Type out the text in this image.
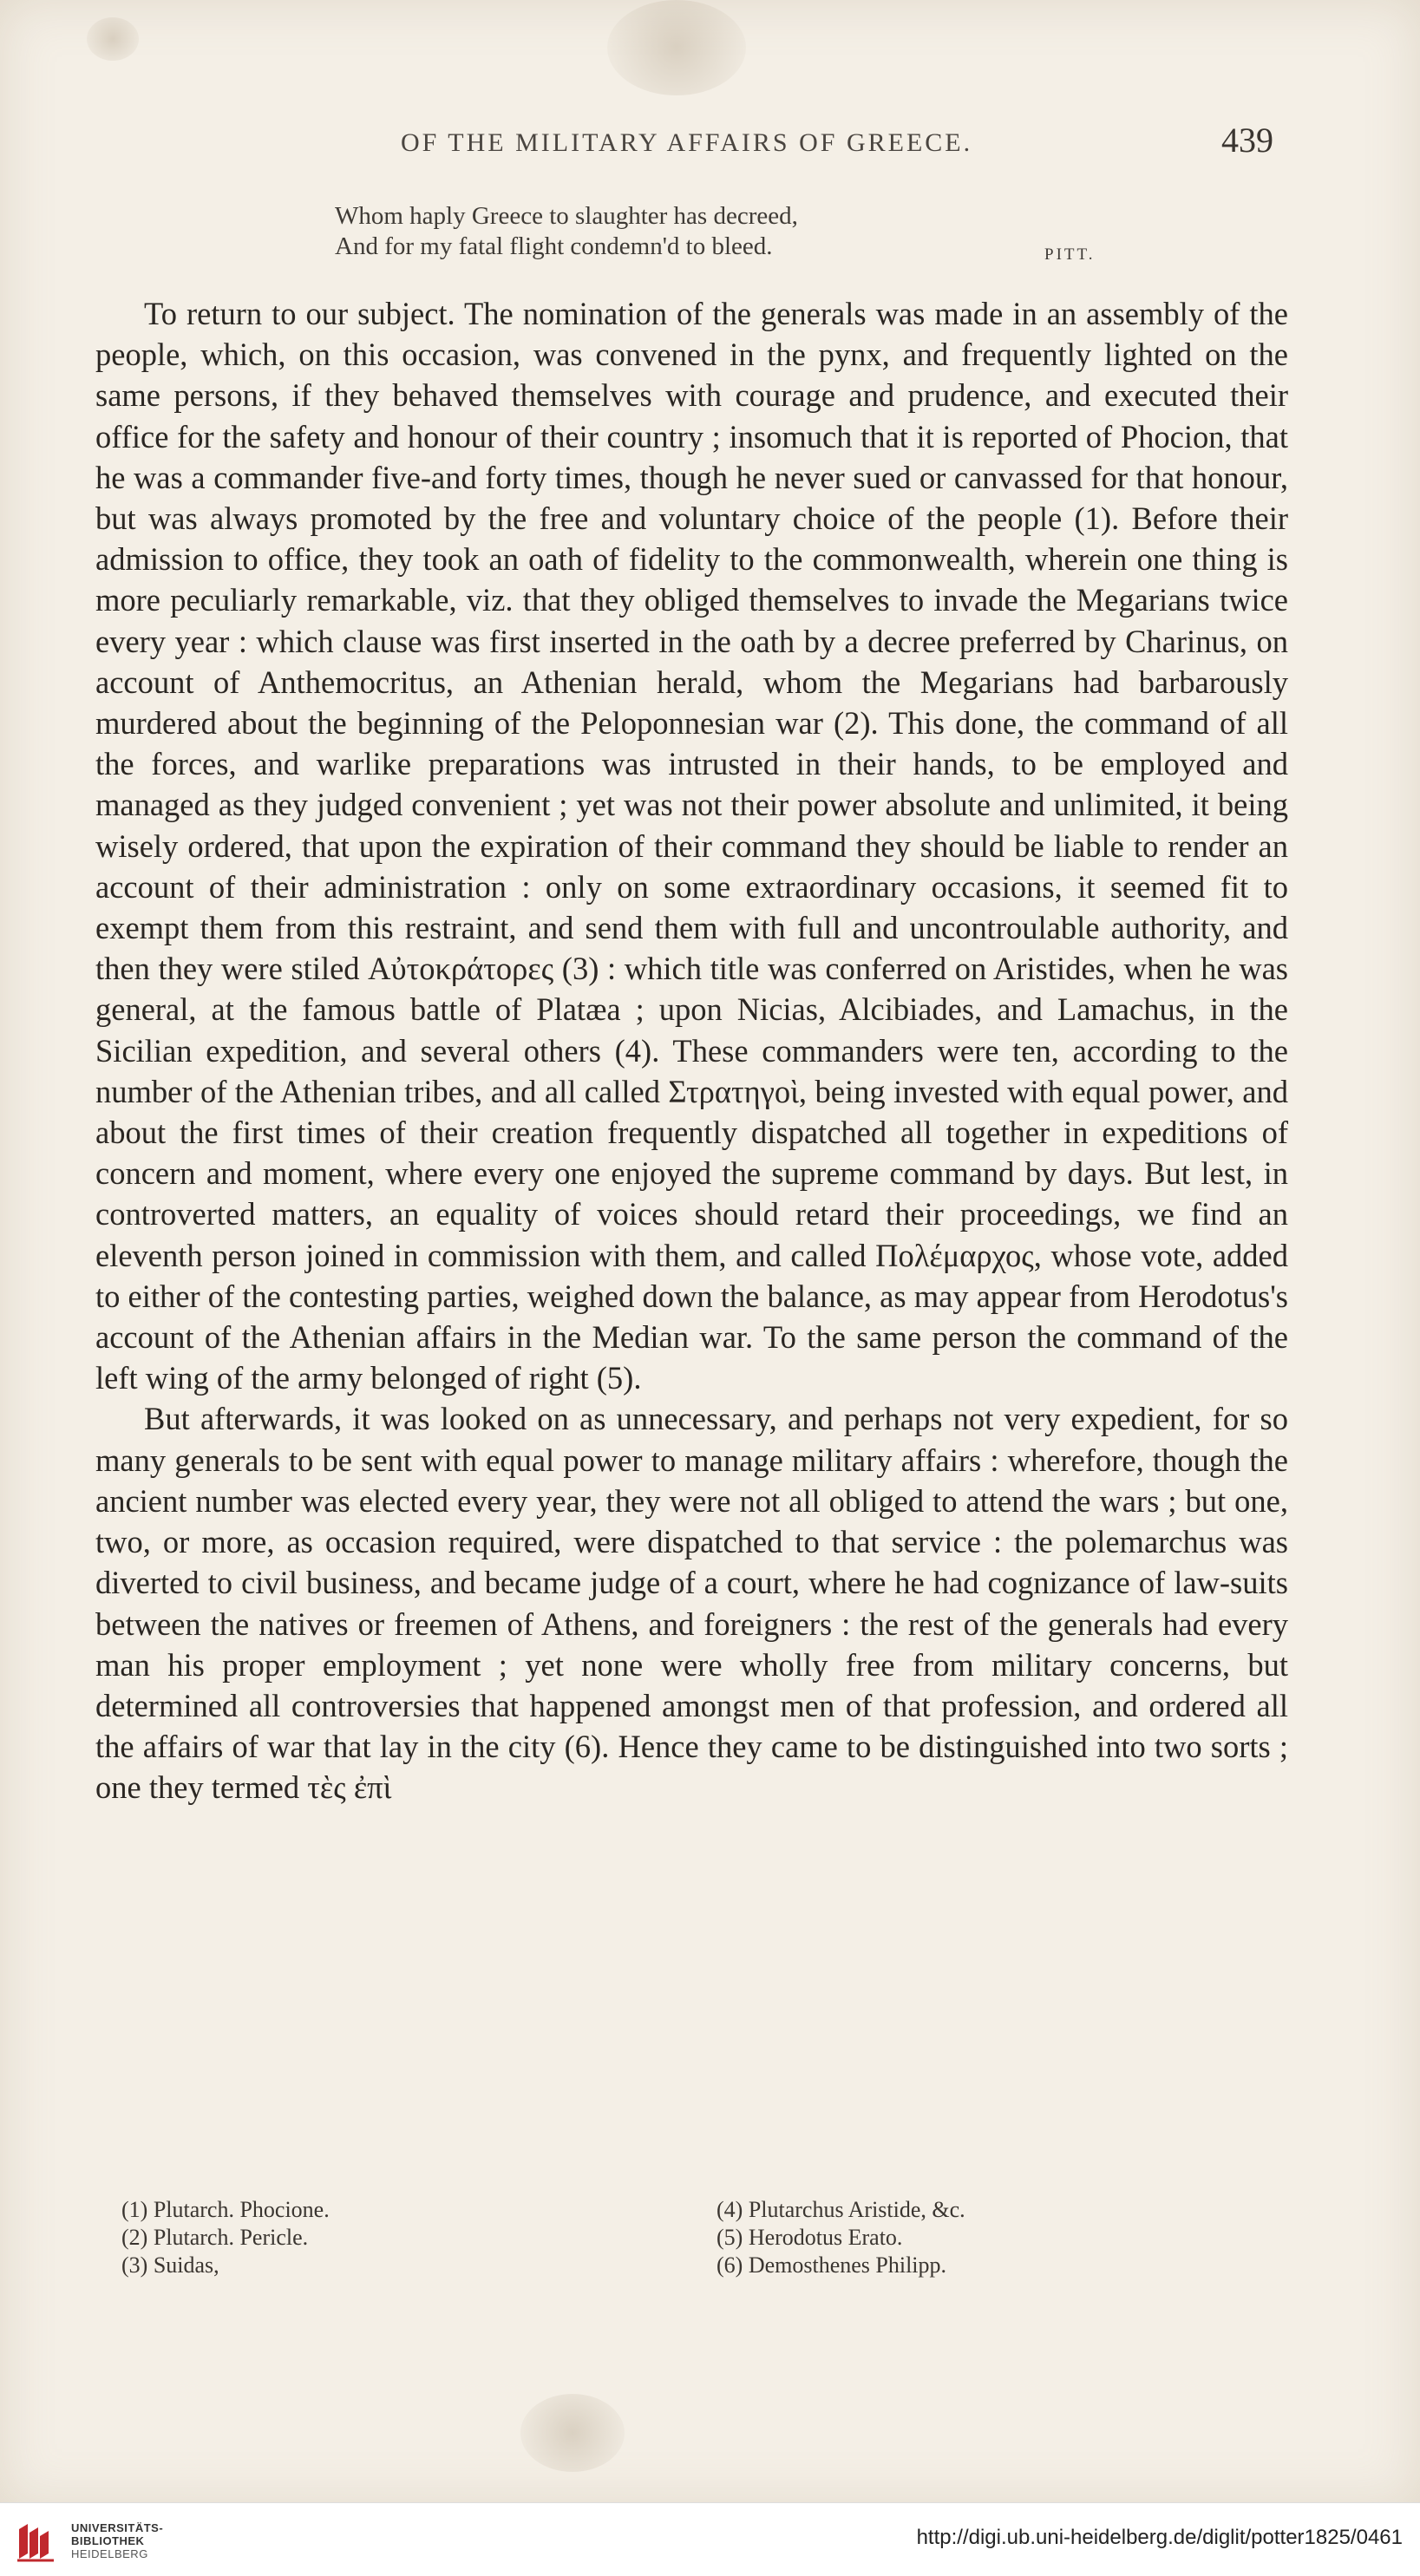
OF THE MILITARY AFFAIRS OF GREECE.	439
Whom haply Greece to slaughter has decreed,
And for my fatal flight condemn'd to bleed.	PITT.

To return to our subject. The nomination of the generals was made in an assembly of the people, which, on this occasion, was convened in the pynx, and frequently lighted on the same persons, if they behaved themselves with courage and prudence, and executed their office for the safety and honour of their country ; insomuch that it is reported of Phocion, that he was a commander five-and forty times, though he never sued or canvassed for that honour, but was always promoted by the free and voluntary choice of the people (1). Before their admission to office, they took an oath of fidelity to the commonwealth, wherein one thing is more peculiarly remarkable, viz. that they obliged themselves to invade the Megarians twice every year : which clause was first inserted in the oath by a decree preferred by Charinus, on account of Anthemocritus, an Athenian herald, whom the Megarians had barbarously murdered about the beginning of the Peloponnesian war (2). This done, the command of all the forces, and warlike preparations was intrusted in their hands, to be employed and managed as they judged convenient ; yet was not their power absolute and unlimited, it being wisely ordered, that upon the expiration of their command they should be liable to render an account of their administration : only on some extraordinary occasions, it seemed fit to exempt them from this restraint, and send them with full and uncontroulable authority, and then they were stiled Αὐτοκράτορες (3) : which title was conferred on Aristides, when he was general, at the famous battle of Platæa ; upon Nicias, Alcibiades, and Lamachus, in the Sicilian expedition, and several others (4). These commanders were ten, according to the number of the Athenian tribes, and all called Στρατηγοὶ, being invested with equal power, and about the first times of their creation frequently dispatched all together in expeditions of concern and moment, where every one enjoyed the supreme command by days. But lest, in controverted matters, an equality of voices should retard their proceedings, we find an eleventh person joined in commission with them, and called Πολέμαρχος, whose vote, added to either of the contesting parties, weighed down the balance, as may appear from Herodotus's account of the Athenian affairs in the Median war. To the same person the command of the left wing of the army belonged of right (5).

But afterwards, it was looked on as unnecessary, and perhaps not very expedient, for so many generals to be sent with equal power to manage military affairs : wherefore, though the ancient number was elected every year, they were not all obliged to attend the wars ; but one, two, or more, as occasion required, were dispatched to that service : the polemarchus was diverted to civil business, and became judge of a court, where he had cognizance of law-suits between the natives or freemen of Athens, and foreigners : the rest of the generals had every man his proper employment ; yet none were wholly free from military concerns, but determined all controversies that happened amongst men of that profession, and ordered all the affairs of war that lay in the city (6). Hence they came to be distinguished into two sorts ; one they termed τὲς ἐπὶ

(1) Plutarch. Phocione.
(2) Plutarch. Pericle.
(3) Suidas,
(4) Plutarchus Aristide, &c.
(5) Herodotus Erato.
(6) Demosthenes Philipp.
UNIVERSITÄTS-
BIBLIOTHEK
HEIDELBERG
http://digi.ub.uni-heidelberg.de/diglit/potter1825/0461
